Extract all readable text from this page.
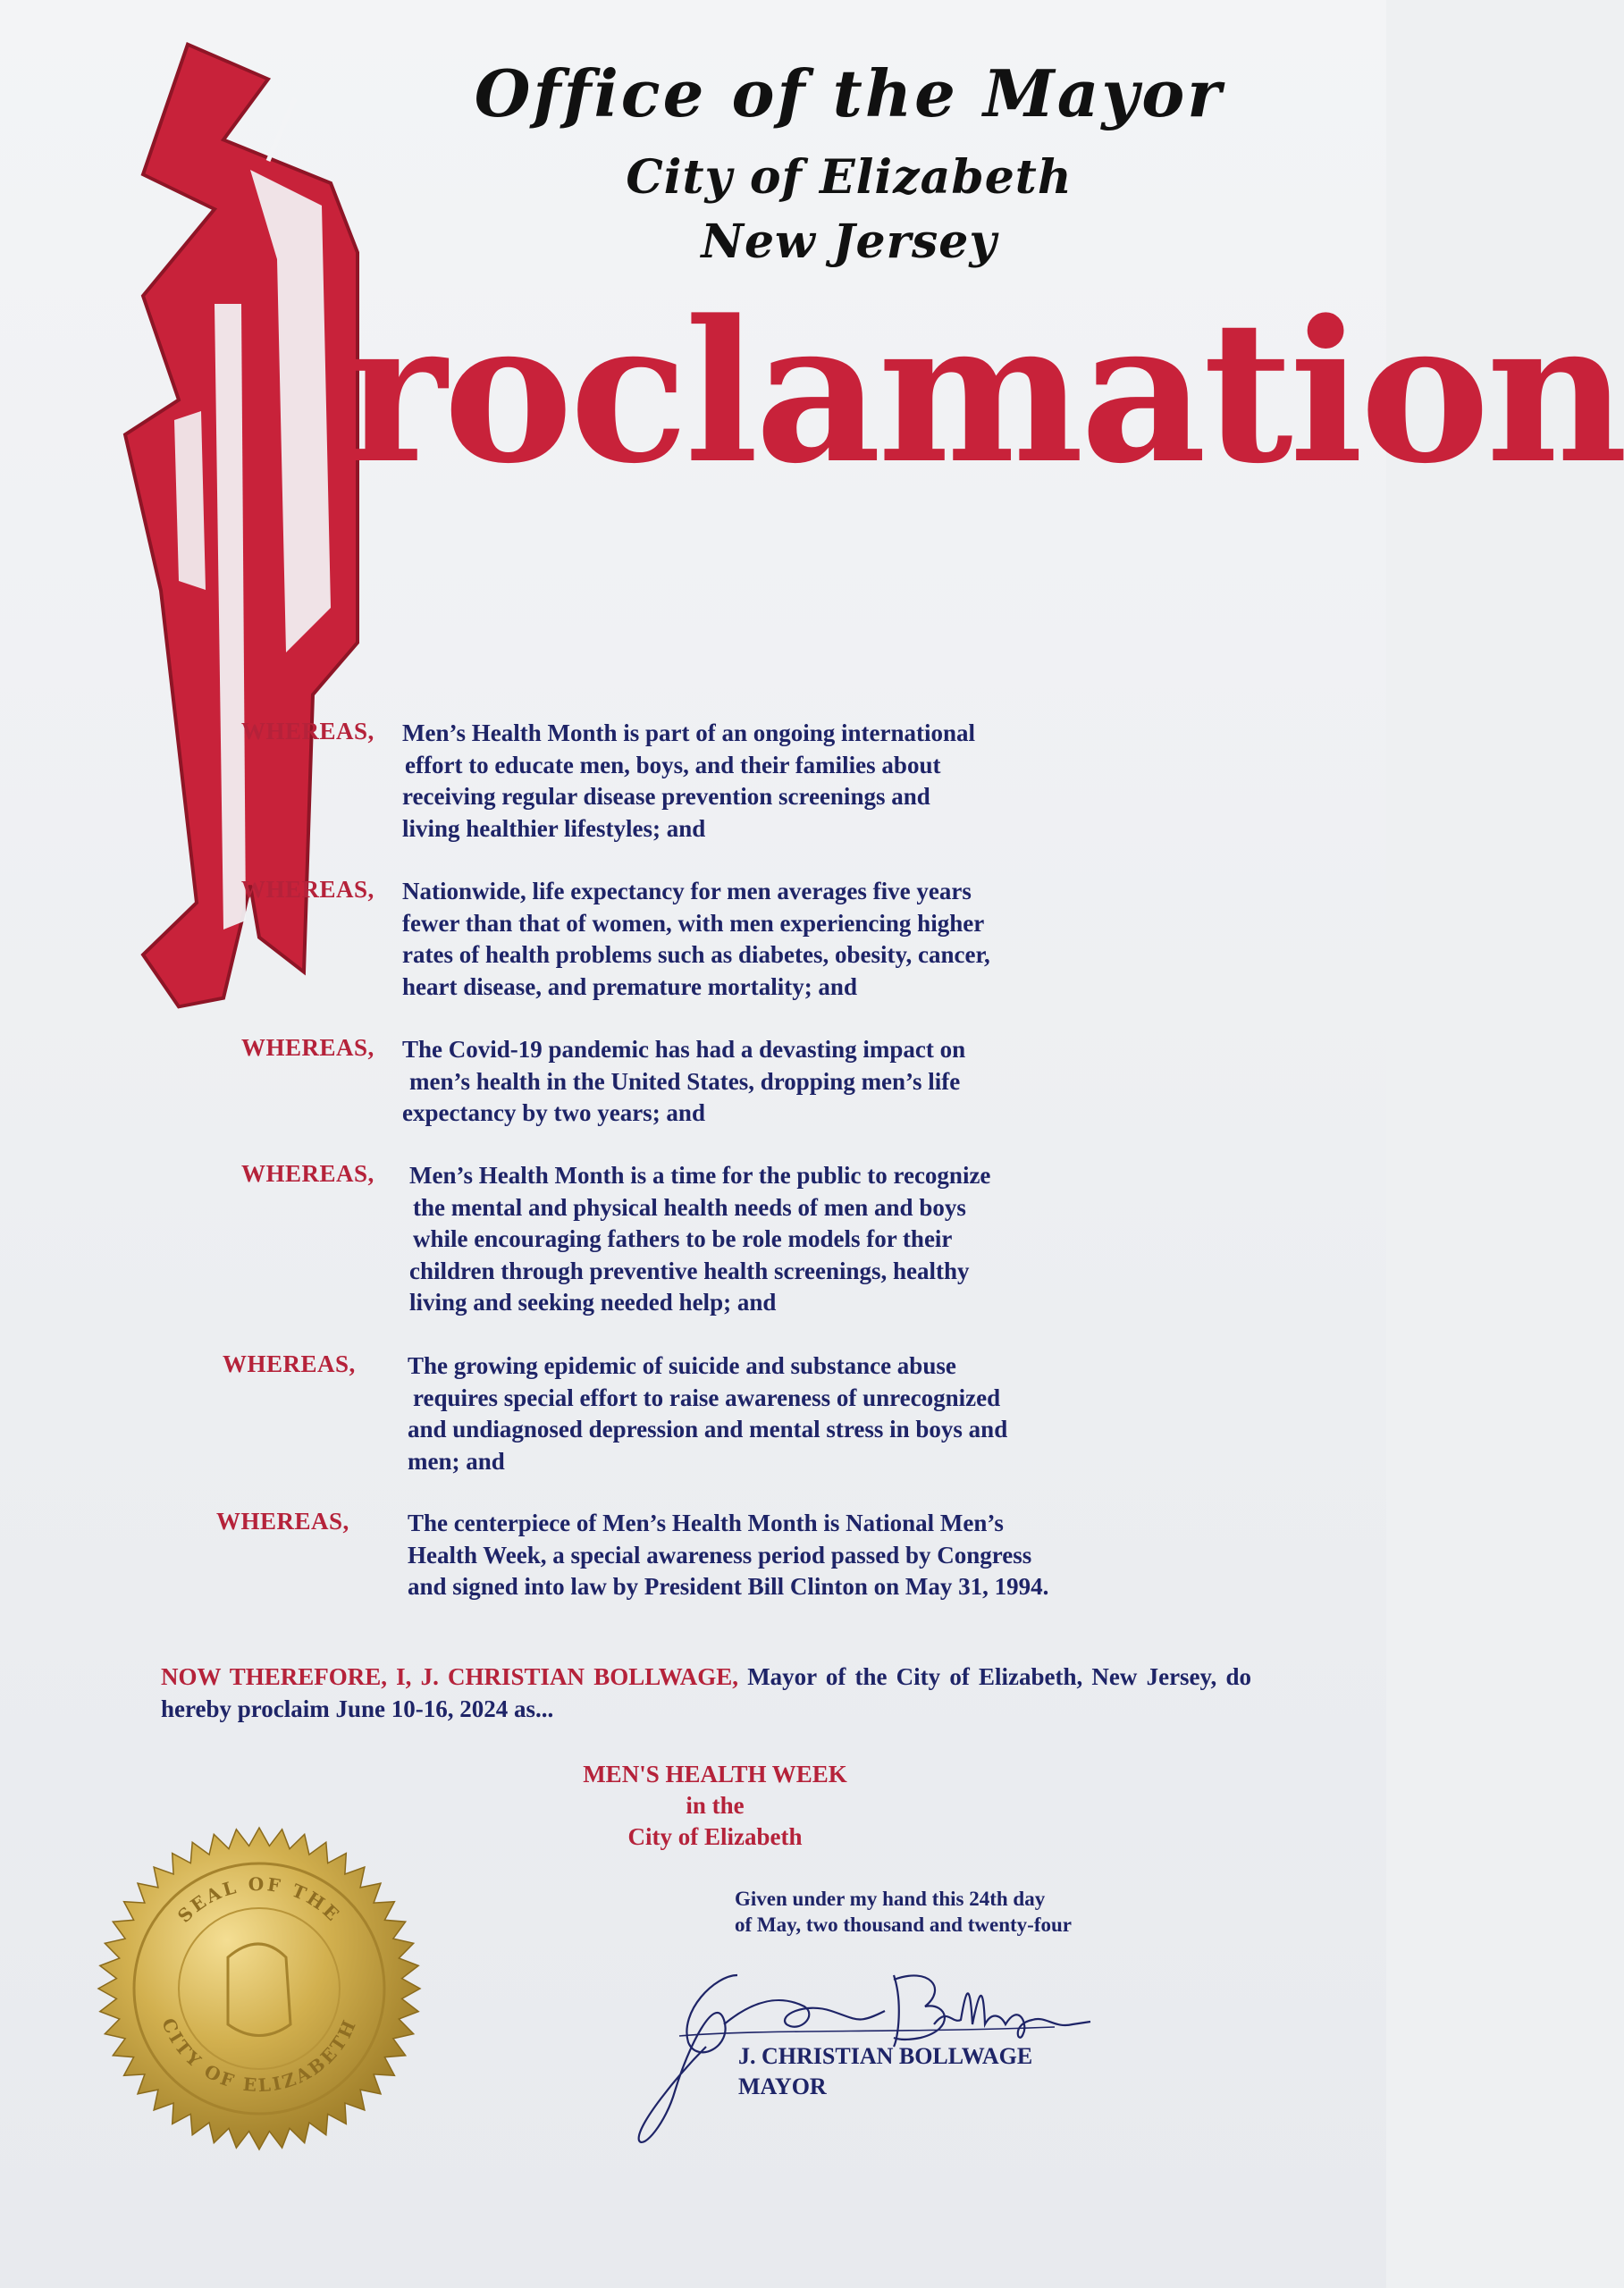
Office of the Mayor
City of Elizabeth
New Jersey
roclamation
WHEREAS, Men’s Health Month is part of an ongoing international
effort to educate men, boys, and their families about
receiving regular disease prevention screenings and
living healthier lifestyles; and
WHEREAS, Nationwide, life expectancy for men averages five years
fewer than that of women, with men experiencing higher
rates of health problems such as diabetes, obesity, cancer,
heart disease, and premature mortality; and
WHEREAS, The Covid-19 pandemic has had a devasting impact on
men’s health in the United States, dropping men’s life
expectancy by two years; and
WHEREAS, Men’s Health Month is a time for the public to recognize
the mental and physical health needs of men and boys
while encouraging fathers to be role models for their
children through preventive health screenings, healthy
living and seeking needed help; and
WHEREAS, The growing epidemic of suicide and substance abuse
requires special effort to raise awareness of unrecognized
and undiagnosed depression and mental stress in boys and
men; and
WHEREAS, The centerpiece of Men’s Health Month is National Men’s
Health Week, a special awareness period passed by Congress
and signed into law by President Bill Clinton on May 31, 1994.
NOW THEREFORE, I, J. CHRISTIAN BOLLWAGE, Mayor of the City of Elizabeth, New Jersey, do hereby proclaim June 10-16, 2024 as...
MEN'S HEALTH WEEK
in the
City of Elizabeth
SEAL OF THE
CITY OF ELIZABETH
Given under my hand this 24th day
of May, two thousand and twenty-four
J. CHRISTIAN BOLLWAGE
MAYOR
